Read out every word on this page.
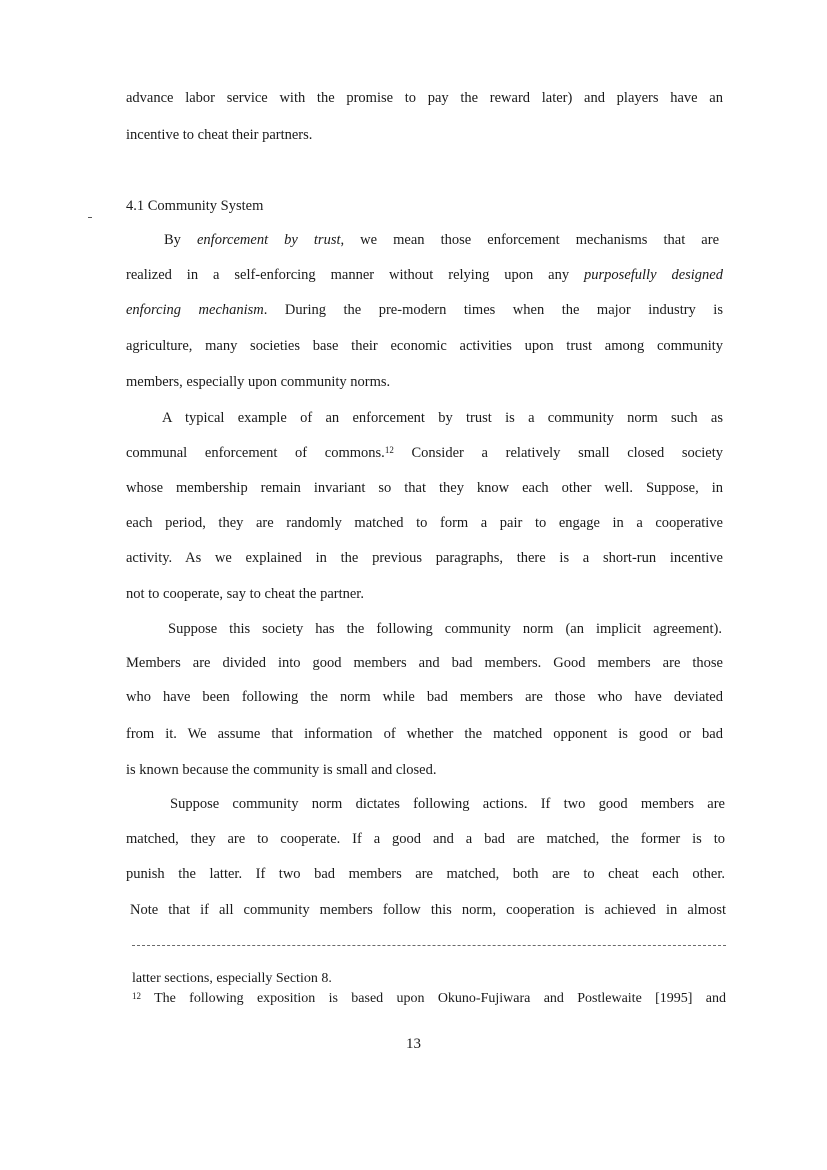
advance labor service with the promise to pay the reward later) and players have an
incentive to cheat their partners.
4.1 Community System
By enforcement by trust, we mean those enforcement mechanisms that are
realized in a self-enforcing manner without relying upon any purposefully designed
enforcing mechanism. During the pre-modern times when the major industry is
agriculture, many societies base their economic activities upon trust among community
members, especially upon community norms.
A typical example of an enforcement by trust is a community norm such as
communal enforcement of commons.$^{12}$ Consider a relatively small closed society
whose membership remain invariant so that they know each other well. Suppose, in
each period, they are randomly matched to form a pair to engage in a cooperative
activity. As we explained in the previous paragraphs, there is a short-run incentive
not to cooperate, say to cheat the partner.
Suppose this society has the following community norm (an implicit agreement).
Members are divided into good members and bad members. Good members are those
who have been following the norm while bad members are those who have deviated
from it. We assume that information of whether the matched opponent is good or bad
is known because the community is small and closed.
Suppose community norm dictates following actions. If two good members are
matched, they are to cooperate. If a good and a bad are matched, the former is to
punish the latter. If two bad members are matched, both are to cheat each other.
Note that if all community members follow this norm, cooperation is achieved in almost
latter sections, especially Section 8.
$^{12}$ The following exposition is based upon Okuno-Fujiwara and Postlewaite [1995] and
13
